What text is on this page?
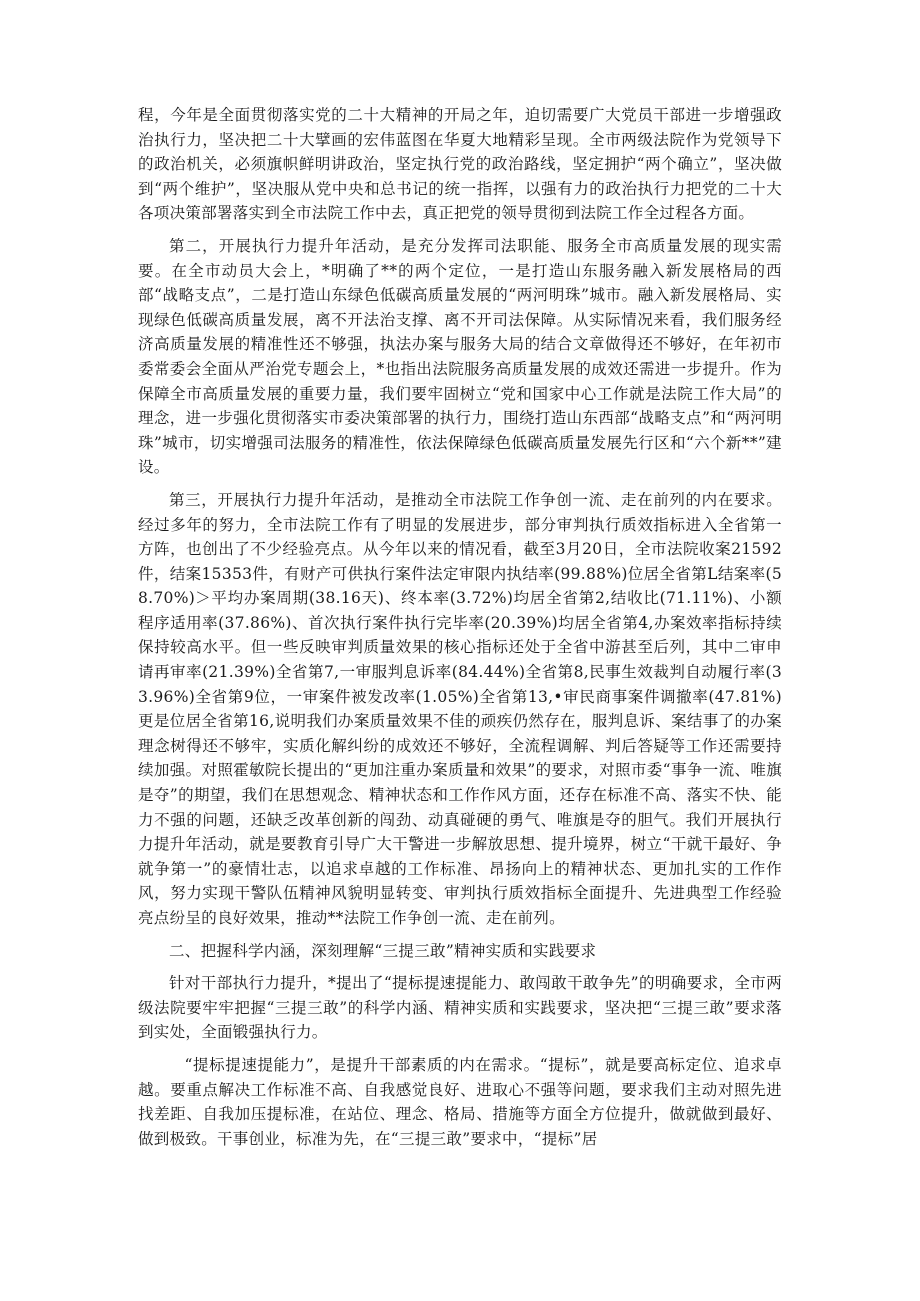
程，今年是全面贯彻落实党的二十大精神的开局之年，迫切需要广大党员干部进一步增强政治执行力，坚决把二十大擘画的宏伟蓝图在华夏大地精彩呈现。全市两级法院作为党领导下的政治机关，必须旗帜鲜明讲政治，坚定执行党的政治路线，坚定拥护“两个确立”，坚决做到“两个维护”，坚决服从党中央和总书记的统一指挥，以强有力的政治执行力把党的二十大各项决策部署落实到全市法院工作中去，真正把党的领导贯彻到法院工作全过程各方面。

第二，开展执行力提升年活动，是充分发挥司法职能、服务全市高质量发展的现实需要。在全市动员大会上，*明确了**的两个定位，一是打造山东服务融入新发展格局的西部“战略支点”，二是打造山东绿色低碳高质量发展的“两河明珠”城市。融入新发展格局、实现绿色低碳高质量发展，离不开法治支撑、离不开司法保障。从实际情况来看，我们服务经济高质量发展的精准性还不够强，执法办案与服务大局的结合文章做得还不够好，在年初市委常委会全面从严治党专题会上，*也指出法院服务高质量发展的成效还需进一步提升。作为保障全市高质量发展的重要力量，我们要牢固树立“党和国家中心工作就是法院工作大局”的理念，进一步强化贯彻落实市委决策部署的执行力，围绕打造山东西部“战略支点”和“两河明珠”城市，切实增强司法服务的精准性，依法保障绿色低碳高质量发展先行区和“六个新**”建设。

第三，开展执行力提升年活动，是推动全市法院工作争创一流、走在前列的内在要求。经过多年的努力，全市法院工作有了明显的发展进步，部分审判执行质效指标进入全省第一方阵，也创出了不少经验亮点。从今年以来的情况看，截至3月20日，全市法院收案21592件，结案15353件，有财产可供执行案件法定审限内执结率(99.88%)位居全省第L结案率(58.70%)＞平均办案周期(38.16天)、终本率(3.72%)均居全省第2,结收比(71.11%)、小额程序适用率(37.86%)、首次执行案件执行完毕率(20.39%)均居全省第4,办案效率指标持续保持较高水平。但一些反映审判质量效果的核心指标还处于全省中游甚至后列，其中二审申请再审率(21.39%)全省第7,一审服判息诉率(84.44%)全省第8,民事生效裁判自动履行率(33.96%)全省第9位，一审案件被发改率(1.05%)全省第13,•审民商事案件调撤率(47.81%)更是位居全省第16,说明我们办案质量效果不佳的顽疾仍然存在，服判息诉、案结事了的办案理念树得还不够牢，实质化解纠纷的成效还不够好，全流程调解、判后答疑等工作还需要持续加强。对照霍敏院长提出的“更加注重办案质量和效果”的要求，对照市委“事争一流、唯旗是夺”的期望，我们在思想观念、精神状态和工作作风方面，还存在标准不高、落实不快、能力不强的问题，还缺乏改革创新的闯劲、动真碰硬的勇气、唯旗是夺的胆气。我们开展执行力提升年活动，就是要教育引导广大干警进一步解放思想、提升境界，树立“干就干最好、争就争第一”的豪情壮志，以追求卓越的工作标准、昂扬向上的精神状态、更加扎实的工作作风，努力实现干警队伍精神风貌明显转变、审判执行质效指标全面提升、先进典型工作经验亮点纷呈的良好效果，推动**法院工作争创一流、走在前列。

二、把握科学内涵，深刻理解“三提三敢”精神实质和实践要求

针对干部执行力提升，*提出了“提标提速提能力、敢闯敢干敢争先”的明确要求，全市两级法院要牢牢把握“三提三敢”的科学内涵、精神实质和实践要求，坚决把“三提三敢”要求落到实处，全面锻强执行力。

“提标提速提能力”，是提升干部素质的内在需求。“提标”，就是要高标定位、追求卓越。要重点解决工作标准不高、自我感觉良好、进取心不强等问题，要求我们主动对照先进找差距、自我加压提标准，在站位、理念、格局、措施等方面全方位提升，做就做到最好、做到极致。干事创业，标准为先，在“三提三敢”要求中，“提标”居
